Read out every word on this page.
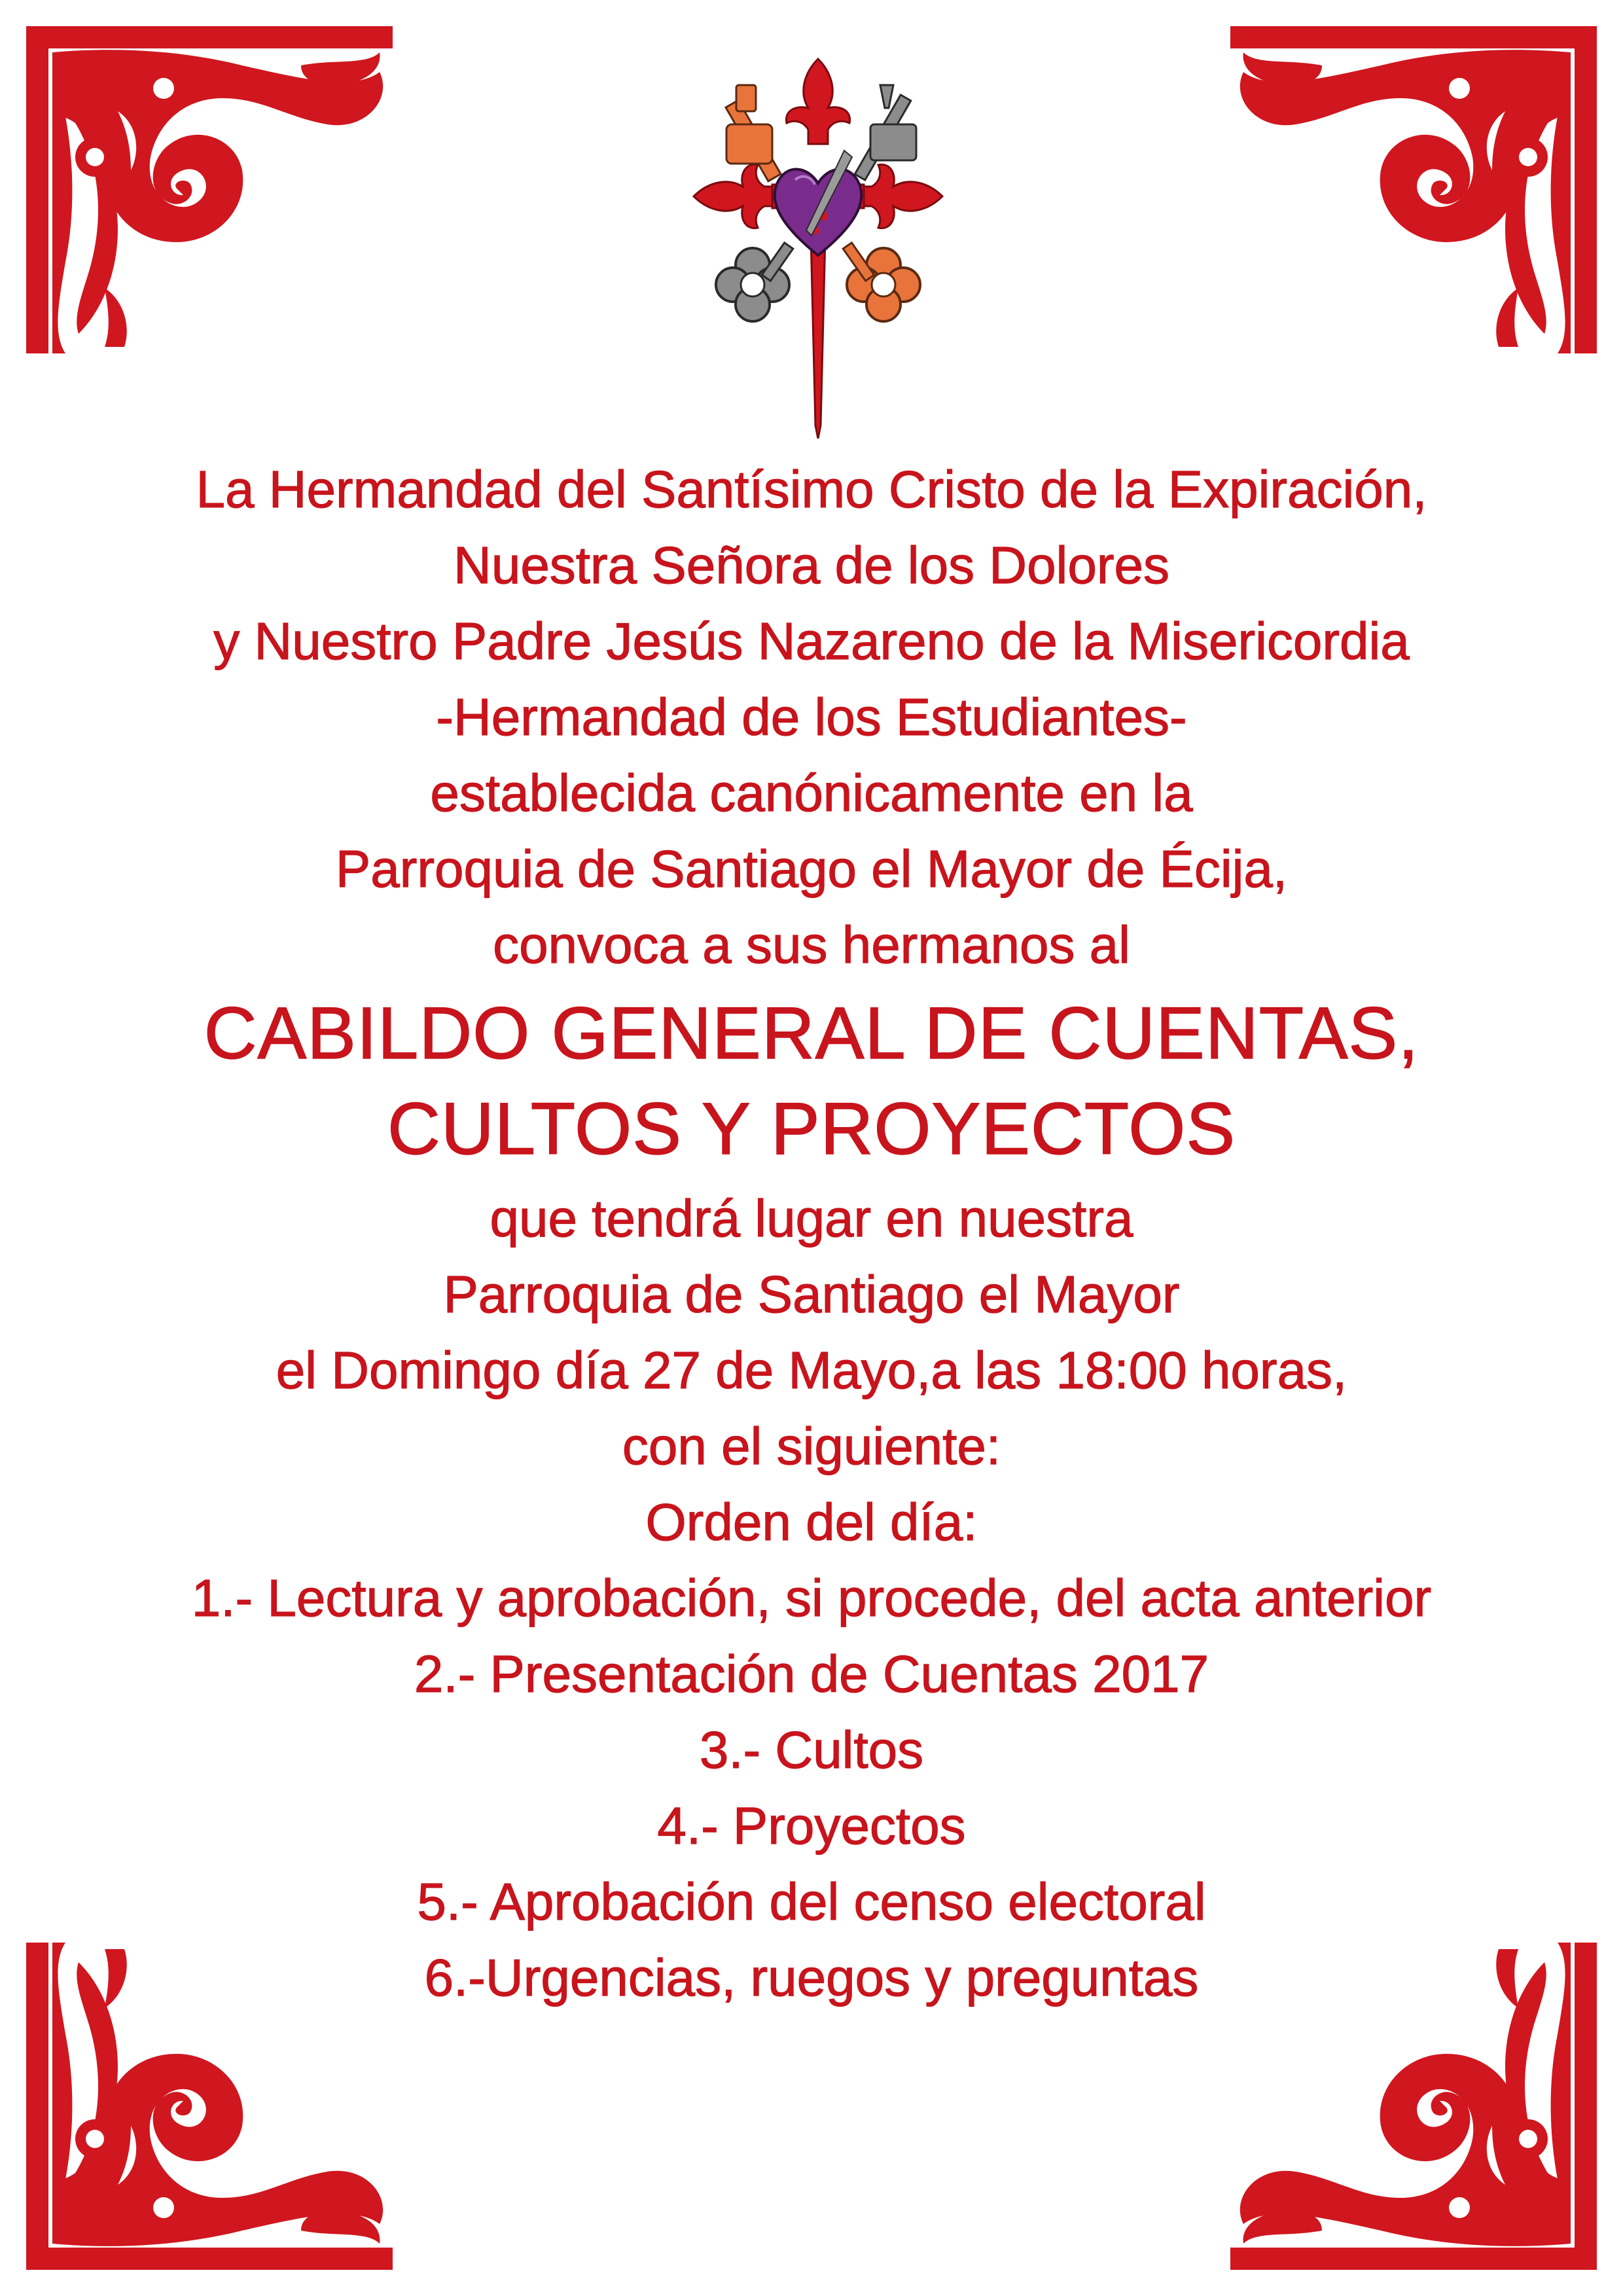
La Hermandad del Santísimo Cristo de la Expiración,

Nuestra Señora de los Dolores

y Nuestro Padre Jesús Nazareno de la Misericordia

-Hermandad de los Estudiantes-

establecida canónicamente en la

Parroquia de Santiago el Mayor de Écija,

convoca a sus hermanos al

CABILDO GENERAL DE CUENTAS,

CULTOS Y PROYECTOS

que tendrá lugar en nuestra

Parroquia de Santiago el Mayor

el Domingo día 27 de Mayo,a las 18:00 horas,

con el siguiente:

Orden del día:

1.- Lectura y aprobación, si procede, del acta anterior

2.- Presentación de Cuentas 2017

3.- Cultos

4.- Proyectos

5.- Aprobación del censo electoral

6.-Urgencias, ruegos y preguntas
